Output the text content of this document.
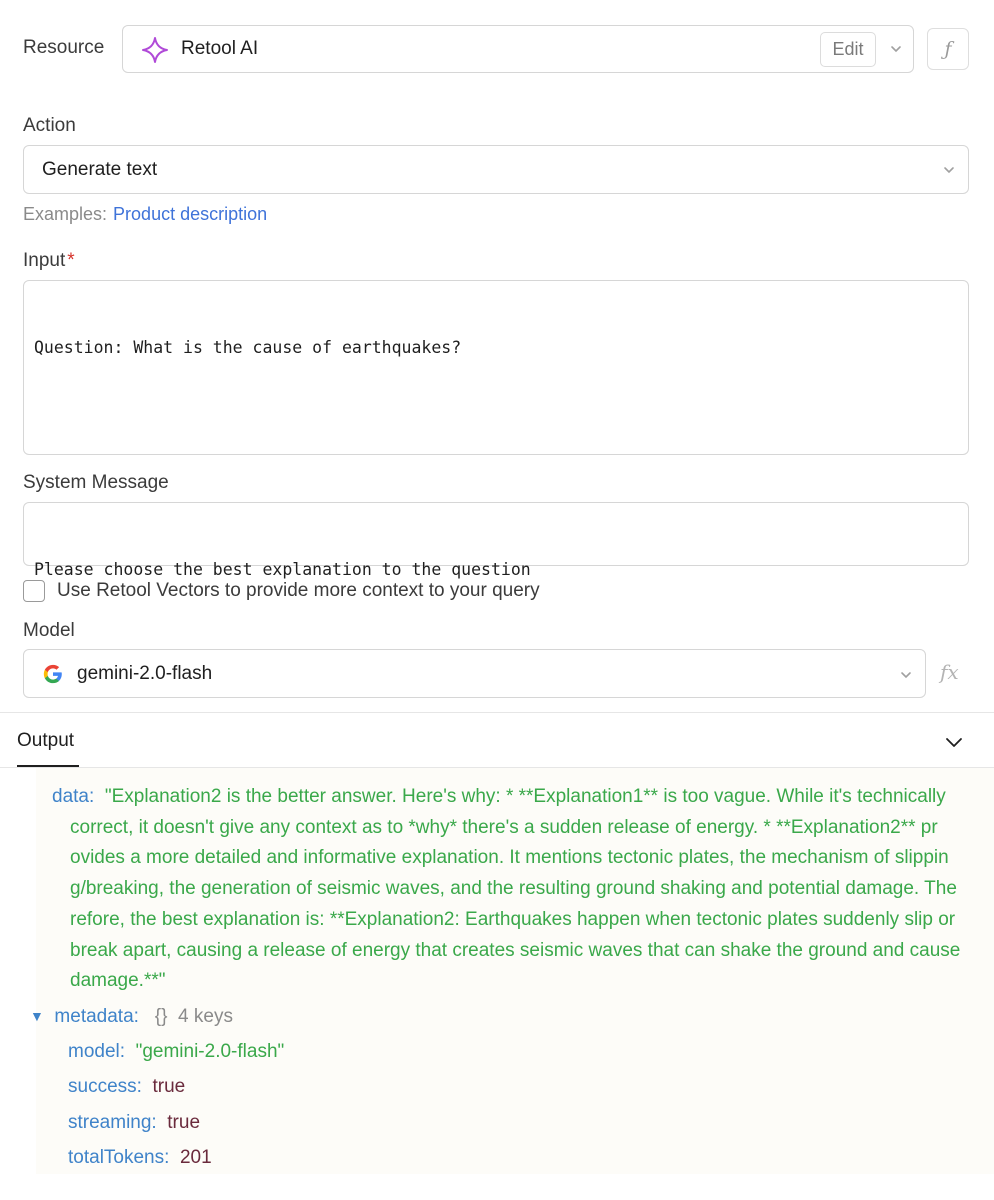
Resource	Retool AI	Edit	ƒ
Action
Generate text
Examples: Product description
Input *

Question: What is the cause of earthquakes?

System Message

Please choose the best explanation to the question

Use Retool Vectors to provide more context to your query
Model
gemini-2.0-flash	fx
Output
data: "Explanation2 is the better answer. Here's why: * **Explanation1** is too vague. While it's technically
correct, it doesn't give any context as to *why* there's a sudden release of energy. * **Explanation2** pr
ovides a more detailed and informative explanation. It mentions tectonic plates, the mechanism of slippin
g/breaking, the generation of seismic waves, and the resulting ground shaking and potential damage. The
refore, the best explanation is: **Explanation2: Earthquakes happen when tectonic plates suddenly slip or
break apart, causing a release of energy that creates seismic waves that can shake the ground and cause
damage.**"
▼ metadata: {} 4 keys
model: "gemini-2.0-flash"
success: true
streaming: true
totalTokens: 201
